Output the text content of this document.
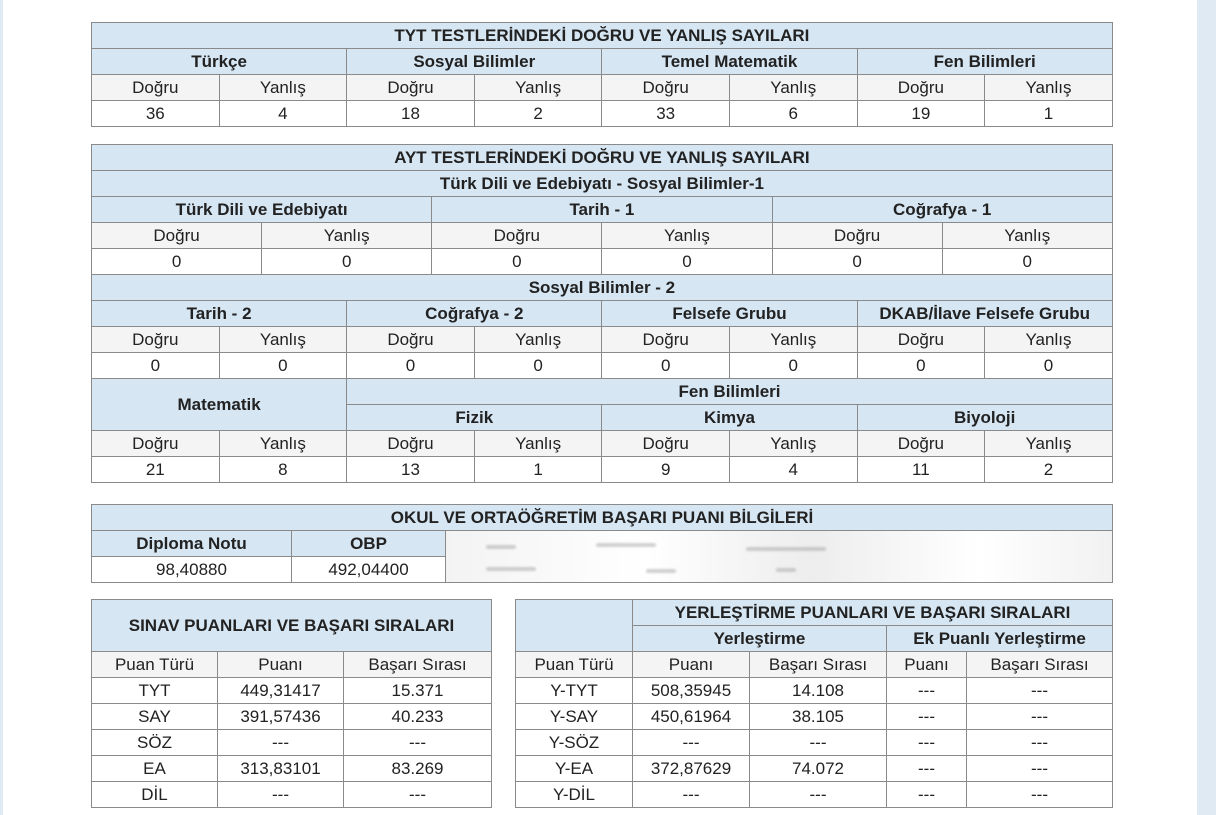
TYT TESTLERİNDEKİ DOĞRU VE YANLIŞ SAYILARI							
Türkçe		Sosyal Bilimler		Temel Matematik		Fen Bilimleri	
Doğru	Yanlış	Doğru	Yanlış	Doğru	Yanlış	Doğru	Yanlış
36	4	18	2	33	6	19	1
AYT TESTLERİNDEKİ DOĞRU VE YANLIŞ SAYILARI											
Türk Dili ve Edebiyatı - Sosyal Bilimler-1											
Türk Dili ve Edebiyatı				Tarih - 1				Coğrafya - 1			
Doğru		Yanlış		Doğru		Yanlış		Doğru		Yanlış	
0		0		0		0		0		0	
Sosyal Bilimler - 2											
Tarih - 2			Coğrafya - 2			Felsefe Grubu			DKAB/İlave Felsefe Grubu		
Doğru	Yanlış		Doğru		Yanlış	Doğru	Yanlış		Doğru		Yanlış
0	0		0		0	0	0		0		0
Matematik			Fen Bilimleri								
			Fizik			Kimya			Biyoloji		
Doğru	Yanlış		Doğru		Yanlış	Doğru	Yanlış		Doğru		Yanlış
21	8		13		1	9	4		11		2
OKUL VE ORTAÖĞRETİM BAŞARI PUANI BİLGİLERİ		
Diploma Notu	OBP	

98,40880	492,04400	
SINAV PUANLARI VE BAŞARI SIRALARI		

Puan Türü	Puanı	Başarı Sırası
TYT	449,31417	15.371
SAY	391,57436	40.233
SÖZ	---	---
EA	313,83101	83.269
DİL	---	---
	YERLEŞTİRME PUANLARI VE BAŞARI SIRALARI			
	Yerleştirme		Ek Puanlı Yerleştirme	
Puan Türü	Puanı	Başarı Sırası	Puanı	Başarı Sırası
Y-TYT	508,35945	14.108	---	---
Y-SAY	450,61964	38.105	---	---
Y-SÖZ	---	---	---	---
Y-EA	372,87629	74.072	---	---
Y-DİL	---	---	---	---
